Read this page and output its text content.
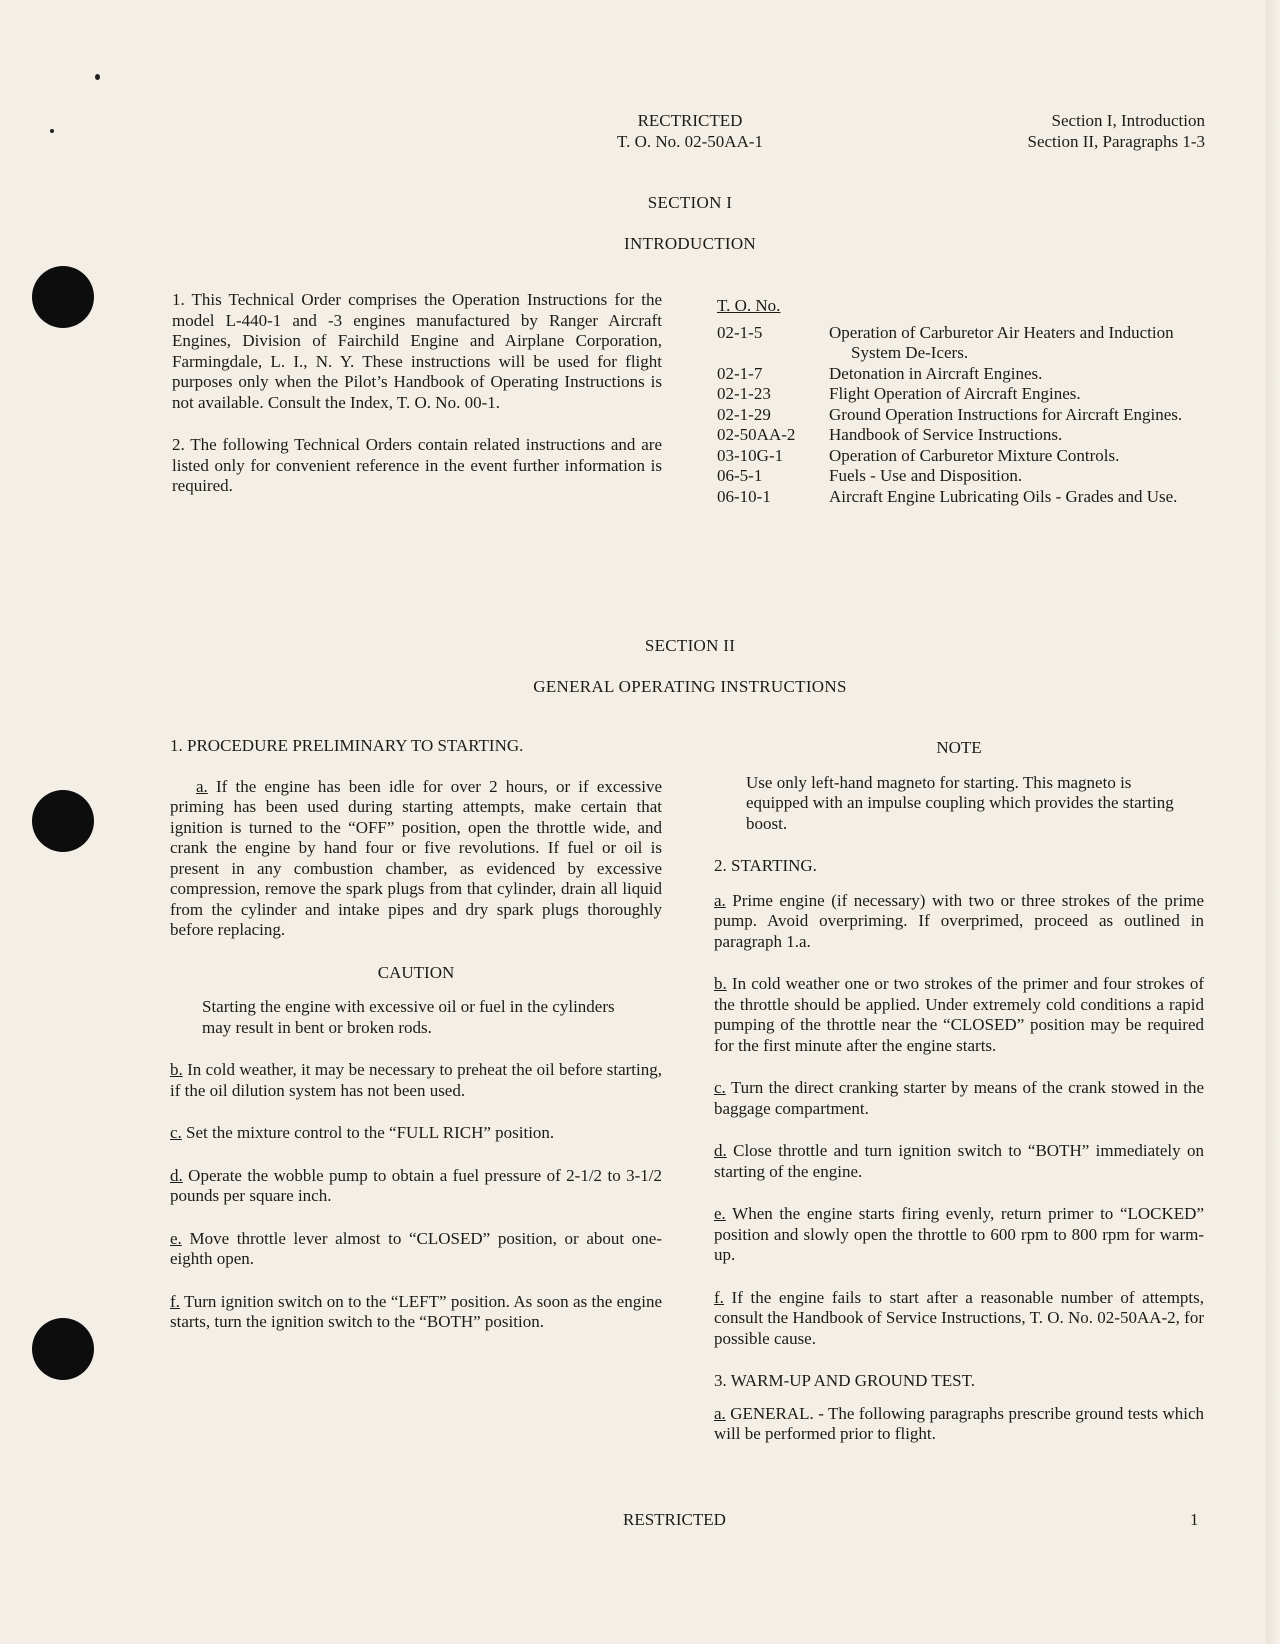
RECTRICTED
T. O. No. 02-50AA-1
Section I, Introduction
Section II, Paragraphs 1-3
SECTION I
INTRODUCTION

1. This Technical Order comprises the Operation Instructions for the model L-440-1 and -3 engines manufactured by Ranger Aircraft Engines, Division of Fairchild Engine and Airplane Corporation, Farmingdale, L. I., N. Y. These instructions will be used for flight purposes only when the Pilot’s Handbook of Operating Instructions is not available. Consult the Index, T. O. No. 00-1.

2. The following Technical Orders contain related instructions and are listed only for convenient reference in the event further information is required.

T. O. No.
02-1-5	Operation of Carburetor Air Heaters and Induction System De-Icers.
02-1-7	Detonation in Aircraft Engines.
02-1-23	Flight Operation of Aircraft Engines.
02-1-29	Ground Operation Instructions for Aircraft Engines.
02-50AA-2	Handbook of Service Instructions.
03-10G-1	Operation of Carburetor Mixture Controls.
06-5-1	Fuels - Use and Disposition.
06-10-1	Aircraft Engine Lubricating Oils - Grades and Use.
SECTION II
GENERAL OPERATING INSTRUCTIONS

1. PROCEDURE PRELIMINARY TO STARTING.

a. If the engine has been idle for over 2 hours, or if excessive priming has been used during starting attempts, make certain that ignition is turned to the “OFF” position, open the throttle wide, and crank the engine by hand four or five revolutions. If fuel or oil is present in any combustion chamber, as evidenced by excessive compression, remove the spark plugs from that cylinder, drain all liquid from the cylinder and intake pipes and dry spark plugs thoroughly before replacing.

CAUTION

Starting the engine with excessive oil or fuel in the cylinders may result in bent or broken rods.

b. In cold weather, it may be necessary to preheat the oil before starting, if the oil dilution system has not been used.

c. Set the mixture control to the “FULL RICH” position.

d. Operate the wobble pump to obtain a fuel pressure of 2-1/2 to 3-1/2 pounds per square inch.

e. Move throttle lever almost to “CLOSED” position, or about one-eighth open.

f. Turn ignition switch on to the “LEFT” position. As soon as the engine starts, turn the ignition switch to the “BOTH” position.

NOTE

Use only left-hand magneto for starting. This magneto is equipped with an impulse coupling which provides the starting boost.

2. STARTING.

a. Prime engine (if necessary) with two or three strokes of the prime pump. Avoid overpriming. If overprimed, proceed as outlined in paragraph 1.a.

b. In cold weather one or two strokes of the primer and four strokes of the throttle should be applied. Under extremely cold conditions a rapid pumping of the throttle near the “CLOSED” position may be required for the first minute after the engine starts.

c. Turn the direct cranking starter by means of the crank stowed in the baggage compartment.

d. Close throttle and turn ignition switch to “BOTH” immediately on starting of the engine.

e. When the engine starts firing evenly, return primer to “LOCKED” position and slowly open the throttle to 600 rpm to 800 rpm for warm-up.

f. If the engine fails to start after a reasonable number of attempts, consult the Handbook of Service Instructions, T. O. No. 02-50AA-2, for possible cause.

3. WARM-UP AND GROUND TEST.

a. GENERAL. - The following paragraphs prescribe ground tests which will be performed prior to flight.

RESTRICTED	1
